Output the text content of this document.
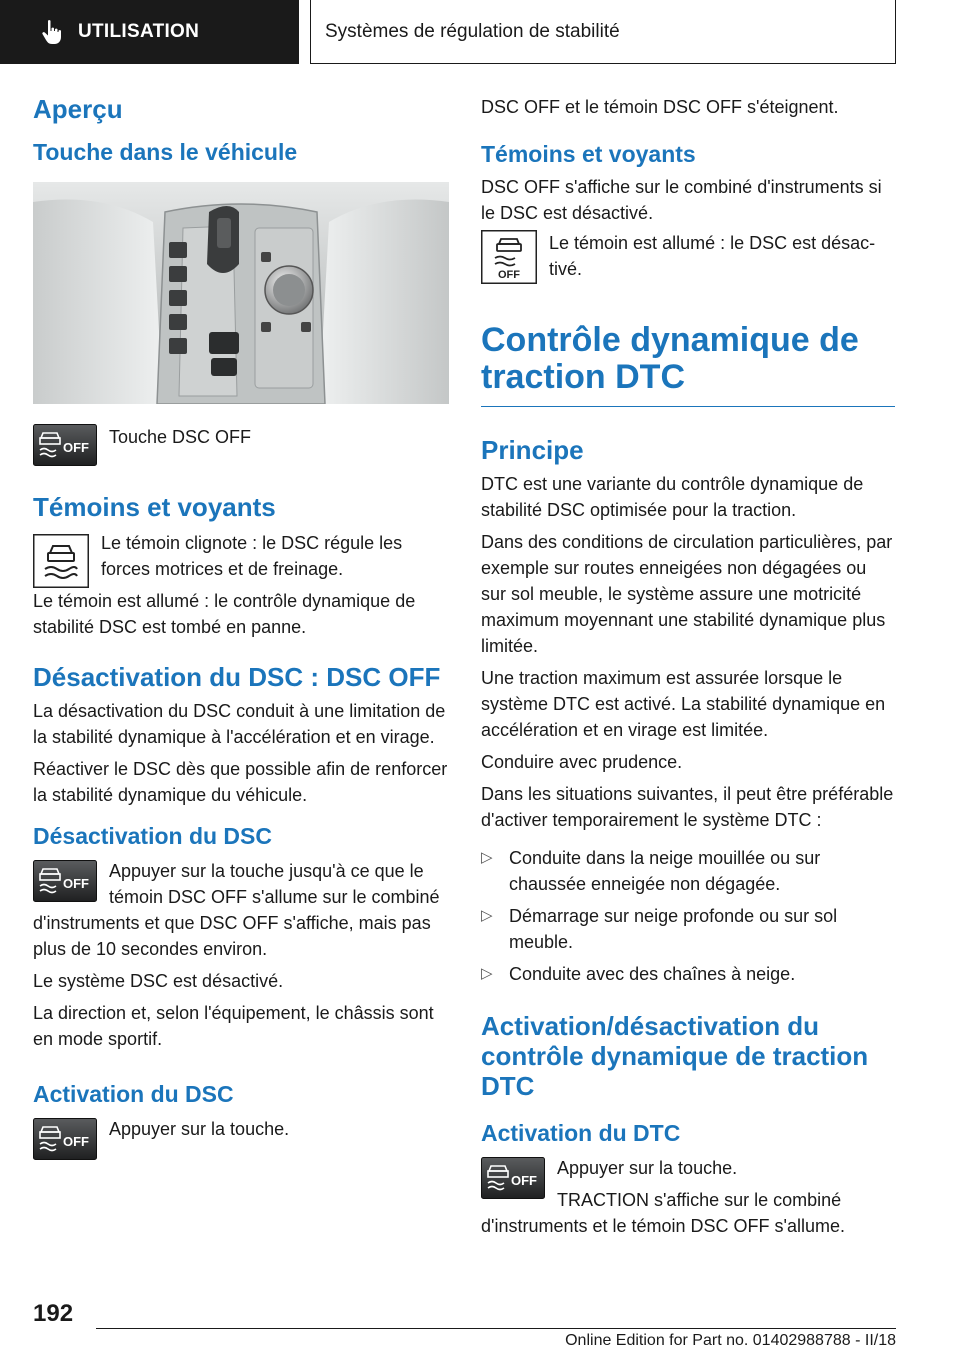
UTILISATION	Systèmes de régulation de stabilité
Aperçu
Touche dans le véhicule
OFF

Touche DSC OFF

Témoins et voyants

Le témoin clignote : le DSC régule les forces motrices et de freinage.

Le témoin est allumé : le contrôle dynamique de stabilité DSC est tombé en panne.

Désactivation du DSC : DSC OFF

La désactivation du DSC conduit à une limitation de la stabilité dynamique à l'accélération et en virage.

Réactiver le DSC dès que possible afin de renforcer la stabilité dynamique du véhicule.

Désactivation du DSC
OFF

Appuyer sur la touche jusqu'à ce que le témoin DSC OFF s'allume sur le combiné d'instruments et que DSC OFF s'affiche, mais pas plus de 10 secondes environ.

Le système DSC est désactivé.

La direction et, selon l'équipement, le châssis sont en mode sportif.

Activation du DSC
OFF

Appuyer sur la touche.

DSC OFF et le témoin DSC OFF s'éteignent.

Témoins et voyants

DSC OFF s'affiche sur le combiné d'instruments si le DSC est désactivé.

OFF

Le témoin est allumé : le DSC est désactivé.

Contrôle dynamique de traction DTC
Principe

DTC est une variante du contrôle dynamique de stabilité DSC optimisée pour la traction.

Dans des conditions de circulation particulières, par exemple sur routes enneigées non dégagées ou sur sol meuble, le système assure une motricité maximum moyennant une stabilité dynamique plus limitée.

Une traction maximum est assurée lorsque le système DTC est activé. La stabilité dynamique en accélération et en virage est limitée.

Conduire avec prudence.

Dans les situations suivantes, il peut être préférable d'activer temporairement le système DTC :

▷ Conduite dans la neige mouillée ou sur chaussée enneigée non dégagée.
▷ Démarrage sur neige profonde ou sur sol meuble.
▷ Conduite avec des chaînes à neige.
Activation/désactivation du contrôle dynamique de traction DTC
Activation du DTC
OFF

Appuyer sur la touche.

TRACTION s'affiche sur le combiné d'instruments et le témoin DSC OFF s'allume.

192
Online Edition for Part no. 01402988788 - II/18
